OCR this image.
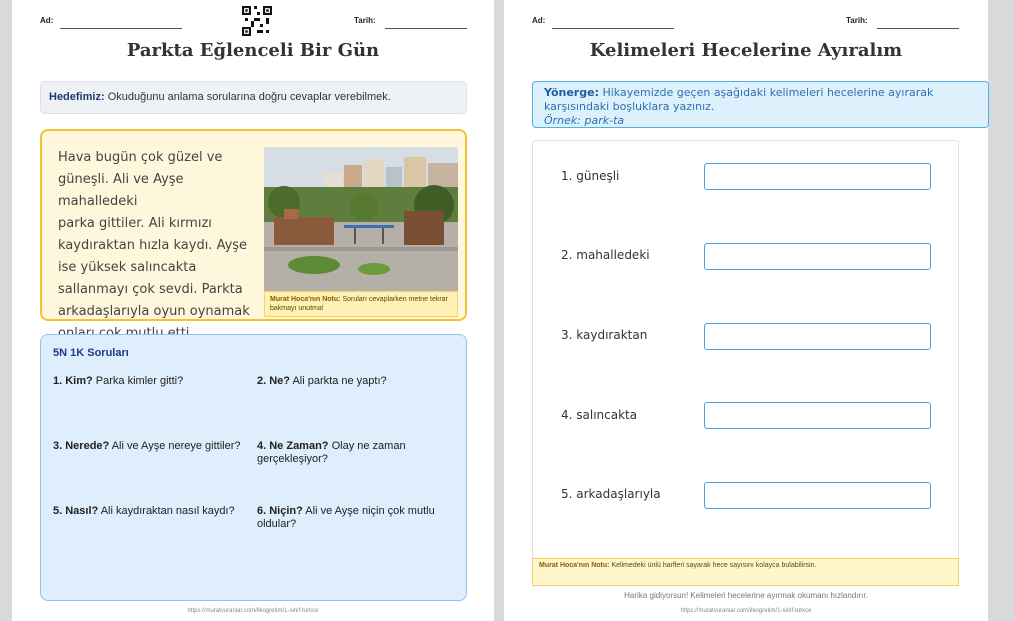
Ad:	Tarih:
Parkta Eğlenceli Bir Gün
Hedefimiz: Okuduğunu anlama sorularına doğru cevaplar verebilmek.
Hava bugün çok güzel ve
güneşli. Ali ve Ayşe mahalledeki
parka gittiler. Ali kırmızı
kaydıraktan hızla kaydı. Ayşe
ise yüksek salıncakta
sallanmayı çok sevdi. Parkta
arkadaşlarıyla oyun oynamak
Murat Hoca'nın Notu: Soruları cevaplarken metne tekrar bakmayı unutma!
5N 1K Soruları
1. Kim? Parka kimler gitti?	2. Ne? Ali parkta ne yaptı?
3. Nerede? Ali ve Ayşe nereye gittiler? 4. Ne Zaman? Olay ne zaman gerçekleşiyor?
5. Nasıl? Ali kaydıraktan nasıl kaydı?	6. Niçin? Ali ve Ayşe niçin çok mutlu oldular?
https://muratvuranlar.com/ilkogretim/1-sinif-turkce
Ad:	Tarih:
Kelimeleri Hecelerine Ayıralım
Yönerge: Hikayemizde geçen aşağıdaki kelimeleri hecelerine ayırarak
karşısındaki boşluklara yazınız.
Örnek: park-ta
1. güneşli
2. mahalledeki
3. kaydıraktan
4. salıncakta
5. arkadaşlarıyla
Murat Hoca'nın Notu: Kelimedeki ünlü harfleri sayarak hece sayısını kolayca bulabilirsin.
Harika gidiyorsun! Kelimeleri hecelerine ayırmak okumanı hızlandırır.
https://muratvuranlar.com/ilkogretim/1-sinif-turkce
